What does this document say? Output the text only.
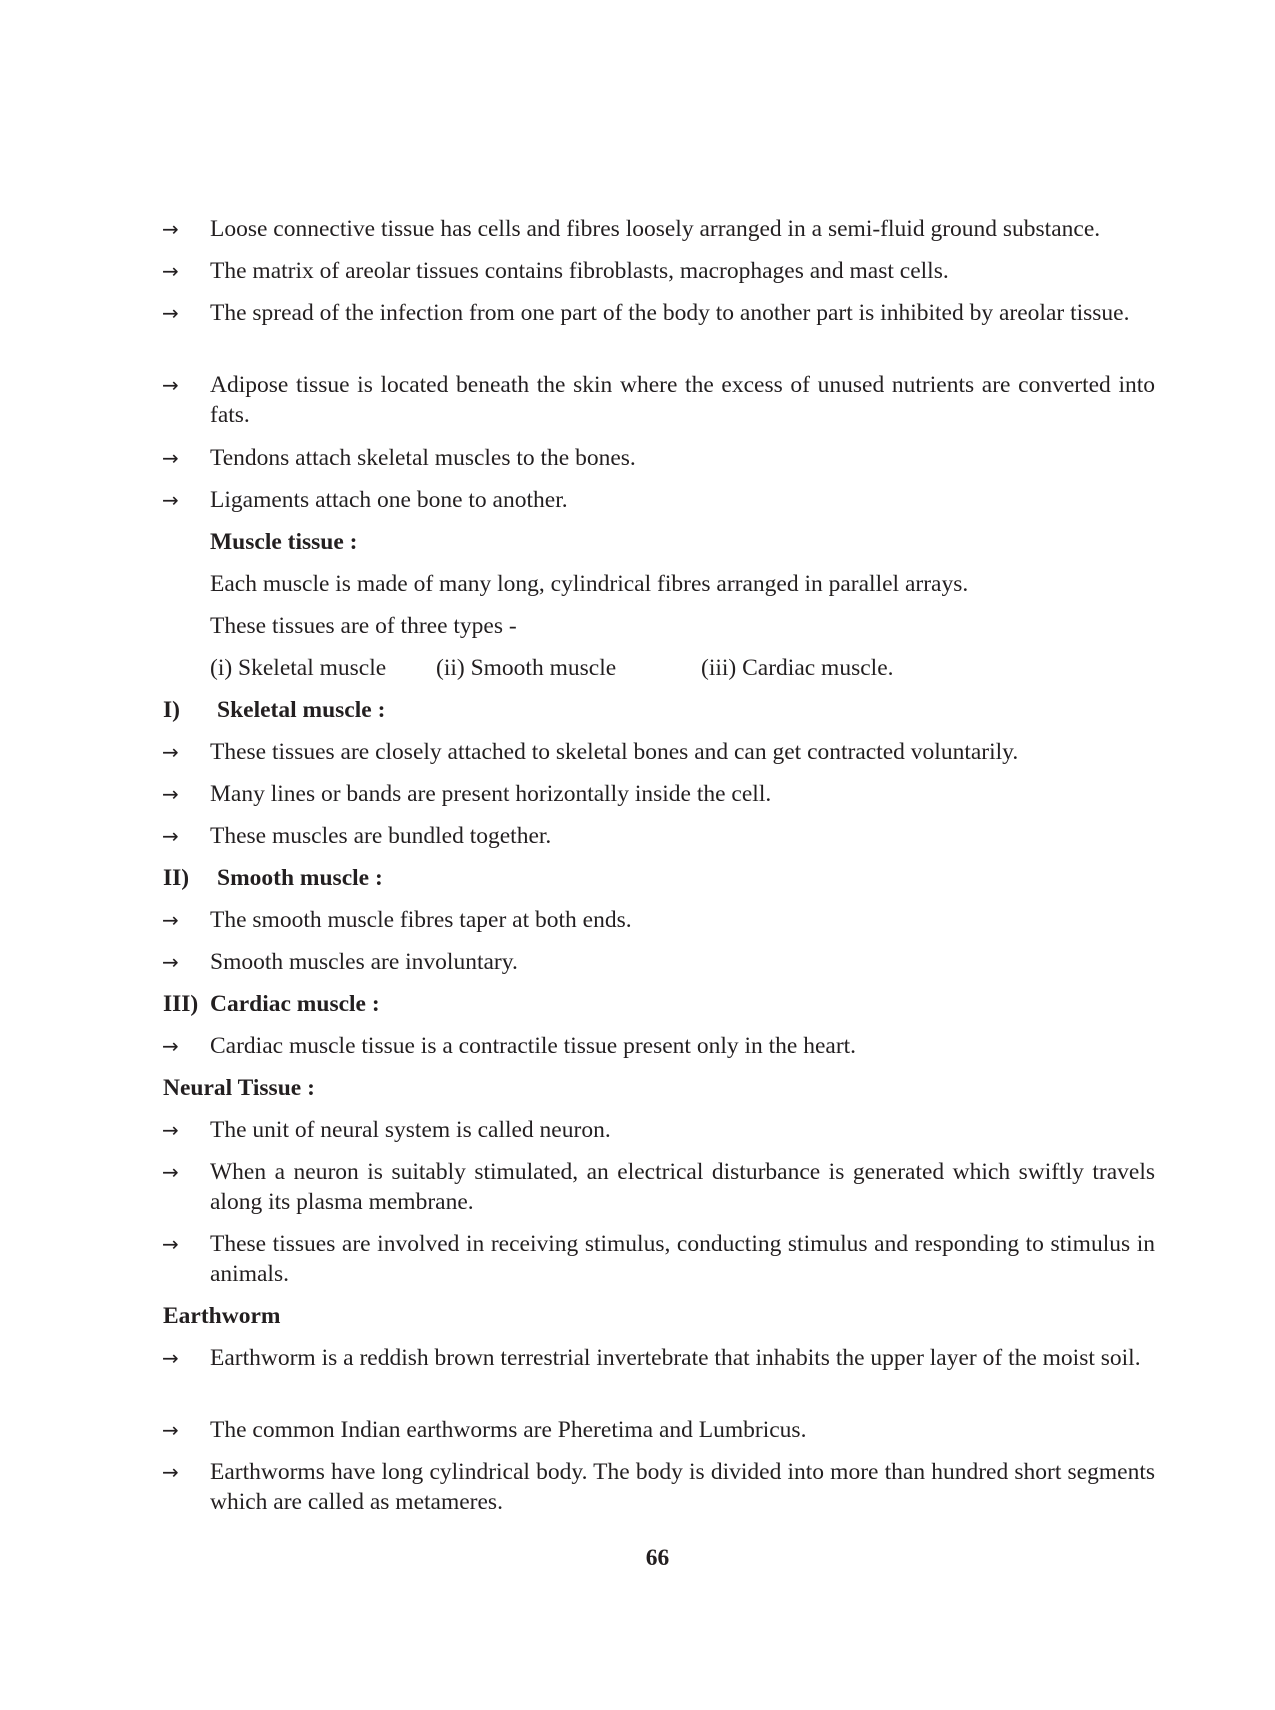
→ Loose connective tissue has cells and fibres loosely arranged in a semi-fluid ground substance.

→ The matrix of areolar tissues contains fibroblasts, macrophages and mast cells.

→ The spread of the infection from one part of the body to another part is inhibited by areolar tissue.

→ Adipose tissue is located beneath the skin where the excess of unused nutrients are converted into fats.

→ Tendons attach skeletal muscles to the bones.

→ Ligaments attach one bone to another.

Muscle tissue :

Each muscle is made of many long, cylindrical fibres arranged in parallel arrays.

These tissues are of three types -

(i) Skeletal muscle (ii) Smooth muscle	(iii) Cardiac muscle.

I) Skeletal muscle :

→ These tissues are closely attached to skeletal bones and can get contracted voluntarily.

→ Many lines or bands are present horizontally inside the cell.

→ These muscles are bundled together.

II) Smooth muscle :

→ The smooth muscle fibres taper at both ends.

→ Smooth muscles are involuntary.

III) Cardiac muscle :

→ Cardiac muscle tissue is a contractile tissue present only in the heart.

Neural Tissue :

→ The unit of neural system is called neuron.

→ When a neuron is suitably stimulated, an electrical disturbance is generated which swiftly travels along its plasma membrane.

→ These tissues are involved in receiving stimulus, conducting stimulus and responding to stimulus in animals.

Earthworm

→ Earthworm is a reddish brown terrestrial invertebrate that inhabits the upper layer of the moist soil.

→ The common Indian earthworms are Pheretima and Lumbricus.

→ Earthworms have long cylindrical body. The body is divided into more than hundred short segments which are called as metameres.

66
